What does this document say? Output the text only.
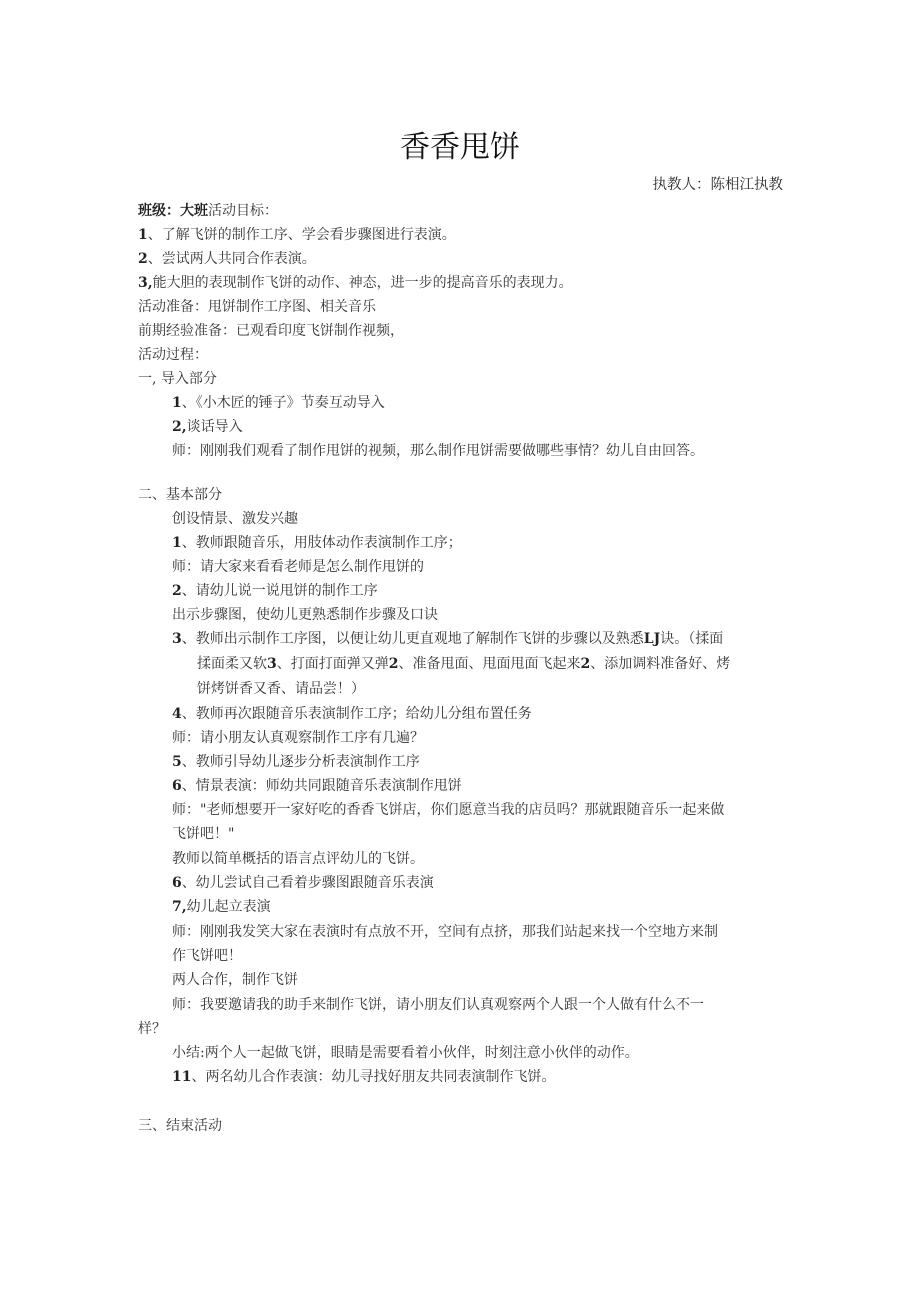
香香甩饼
执教人：陈相江执教
班级：大班活动目标：
1、了解飞饼的制作工序、学会看步骤图进行表演。
2、尝试两人共同合作表演。
3,能大胆的表现制作飞饼的动作、神态，进一步的提高音乐的表现力。
活动准备：甩饼制作工序图、相关音乐
前期经验准备：已观看印度飞饼制作视频，
活动过程：
一, 导入部分
1、《小木匠的锤子》节奏互动导入
2,谈话导入
师：刚刚我们观看了制作甩饼的视频，那么制作甩饼需要做哪些事情？幼儿自由回答。
二、基本部分
创设情景、激发兴趣
1、教师跟随音乐，用肢体动作表演制作工序；
师：请大家来看看老师是怎么制作甩饼的
2、请幼儿说一说甩饼的制作工序
出示步骤图，使幼儿更熟悉制作步骤及口诀
3、教师出示制作工序图，以便让幼儿更直观地了解制作飞饼的步骤以及熟悉LJ诀。（揉面
揉面柔又软3、打面打面弹又弹2、准备甩面、甩面甩面飞起来2、添加调料准备好、烤
饼烤饼香又香、请品尝！）
4、教师再次跟随音乐表演制作工序；给幼儿分组布置任务
师：请小朋友认真观察制作工序有几遍？
5、教师引导幼儿逐步分析表演制作工序
6、情景表演：师幼共同跟随音乐表演制作甩饼
师："老师想要开一家好吃的香香飞饼店，你们愿意当我的店员吗？那就跟随音乐一起来做
飞饼吧！"
教师以简单概括的语言点评幼儿的飞饼。
6、幼儿尝试自己看着步骤图跟随音乐表演
7,幼儿起立表演
师：刚刚我发笑大家在表演时有点放不开，空间有点挤，那我们站起来找一个空地方来制
作飞饼吧！
两人合作，制作飞饼
师：我要邀请我的助手来制作飞饼，请小朋友们认真观察两个人跟一个人做有什么不一
样？
小结:两个人一起做飞饼，眼睛是需要看着小伙伴，时刻注意小伙伴的动作。
11、两名幼儿合作表演：幼儿寻找好朋友共同表演制作飞饼。
三、结束活动
